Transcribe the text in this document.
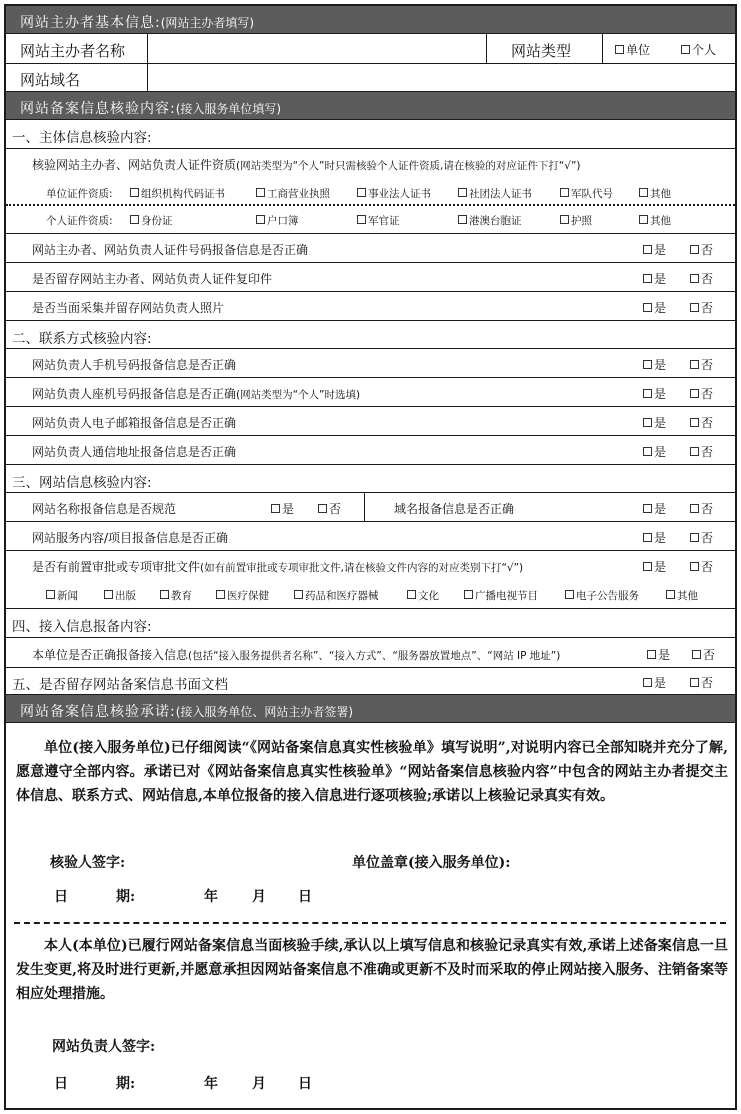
网站主办者基本信息:(网站主办者填写)
网站主办者名称	网站类型	单位	个人
网站域名
网站备案信息核验内容:(接入服务单位填写)
一、主体信息核验内容:
核验网站主办者、网站负责人证件资质(网站类型为“个人”时只需核验个人证件资质,请在核验的对应证件下打“√”)
单位证件资质:	组织机构代码证书	工商营业执照	事业法人证书	社团法人证书	军队代号	其他
个人证件资质:	身份证	户口簿	军官证	港澳台胞证	护照	其他
网站主办者、网站负责人证件号码报备信息是否正确	是	否
是否留存网站主办者、网站负责人证件复印件	是	否
是否当面采集并留存网站负责人照片	是	否
二、联系方式核验内容:
网站负责人手机号码报备信息是否正确	是	否
网站负责人座机号码报备信息是否正确(网站类型为“个人”时选填)	是	否
网站负责人电子邮箱报备信息是否正确	是	否
网站负责人通信地址报备信息是否正确	是	否
三、网站信息核验内容:
网站名称报备信息是否规范	是	否	域名报备信息是否正确	是	否
网站服务内容/项目报备信息是否正确	是	否
是否有前置审批或专项审批文件(如有前置审批或专项审批文件,请在核验文件内容的对应类别下打“√”)	是	否
新闻	出版	教育	医疗保健	药品和医疗器械	文化	广播电视节目	电子公告服务	其他
四、接入信息报备内容:
本单位是否正确报备接入信息(包括“接入服务提供者名称”、“接入方式”、“服务器放置地点”、“网站 IP 地址”)	是	否
五、是否留存网站备案信息书面文档	是	否
网站备案信息核验承诺:(接入服务单位、网站主办者签署)
单位(接入服务单位)已仔细阅读“《网站备案信息真实性核验单》填写说明”,对说明内容已全部知晓并充分了解,愿意遵守全部内容。承诺已对《网站备案信息真实性核验单》“网站备案信息核验内容”中包含的网站主办者提交主体信息、联系方式、网站信息,本单位报备的接入信息进行逐项核验;承诺以上核验记录真实有效。
核验人签字:	单位盖章(接入服务单位):
日	期:	年 月 日
本人(本单位)已履行网站备案信息当面核验手续,承认以上填写信息和核验记录真实有效,承诺上述备案信息一旦发生变更,将及时进行更新,并愿意承担因网站备案信息不准确或更新不及时而采取的停止网站接入服务、注销备案等相应处理措施。
网站负责人签字:
日	期:	年 月 日
